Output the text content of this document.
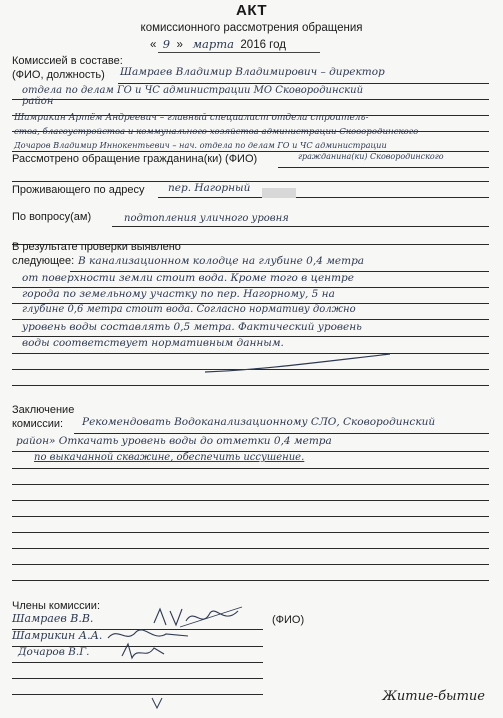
АКТ
комиссионного рассмотрения обращения
«  9  »   марта 2016 год
Комиссией в составе:
(ФИО, должность) Шамраев Владимир Владимирович – директор
отдела по делам ГО и ЧС администрации МО Сковородинский
район
Шамрикин Артём Андреевич – главный специалист отдела строитель-
ства, благоустройства и коммунального хозяйства администрации Сковородинского
Дочаров Владимир Иннокентьевич – нач. отдела по делам ГО и ЧС администрации
Рассмотрено обращение гражданина(ки) (ФИО)	гражданина(ки) Сковородинского
Проживающего по адресу пер. Нагорный
По вопросу(ам)	подтопления уличного уровня
В результате проверки выявлено
следующее: В канализационном колодце на глубине 0,4 метра
от поверхности земли стоит вода. Кроме того в центре
города по земельному участку по пер. Нагорному, 5 на
глубине 0,6 метра стоит вода. Согласно нормативу должно
уровень воды составлять 0,5 метра. Фактический уровень
воды соответствует нормативным данным.
Заключение
комиссии: Рекомендовать Водоканализационному СЛО, Сковородинский
район» Откачать уровень воды до отметки 0,4 метра
по выкачанной скважине, обеспечить иссушение.
Члены комиссии:
Шамраев В.В.	(ФИО)
Шамрикин А.А.
Дочаров В.Г.
Житие-бытие
